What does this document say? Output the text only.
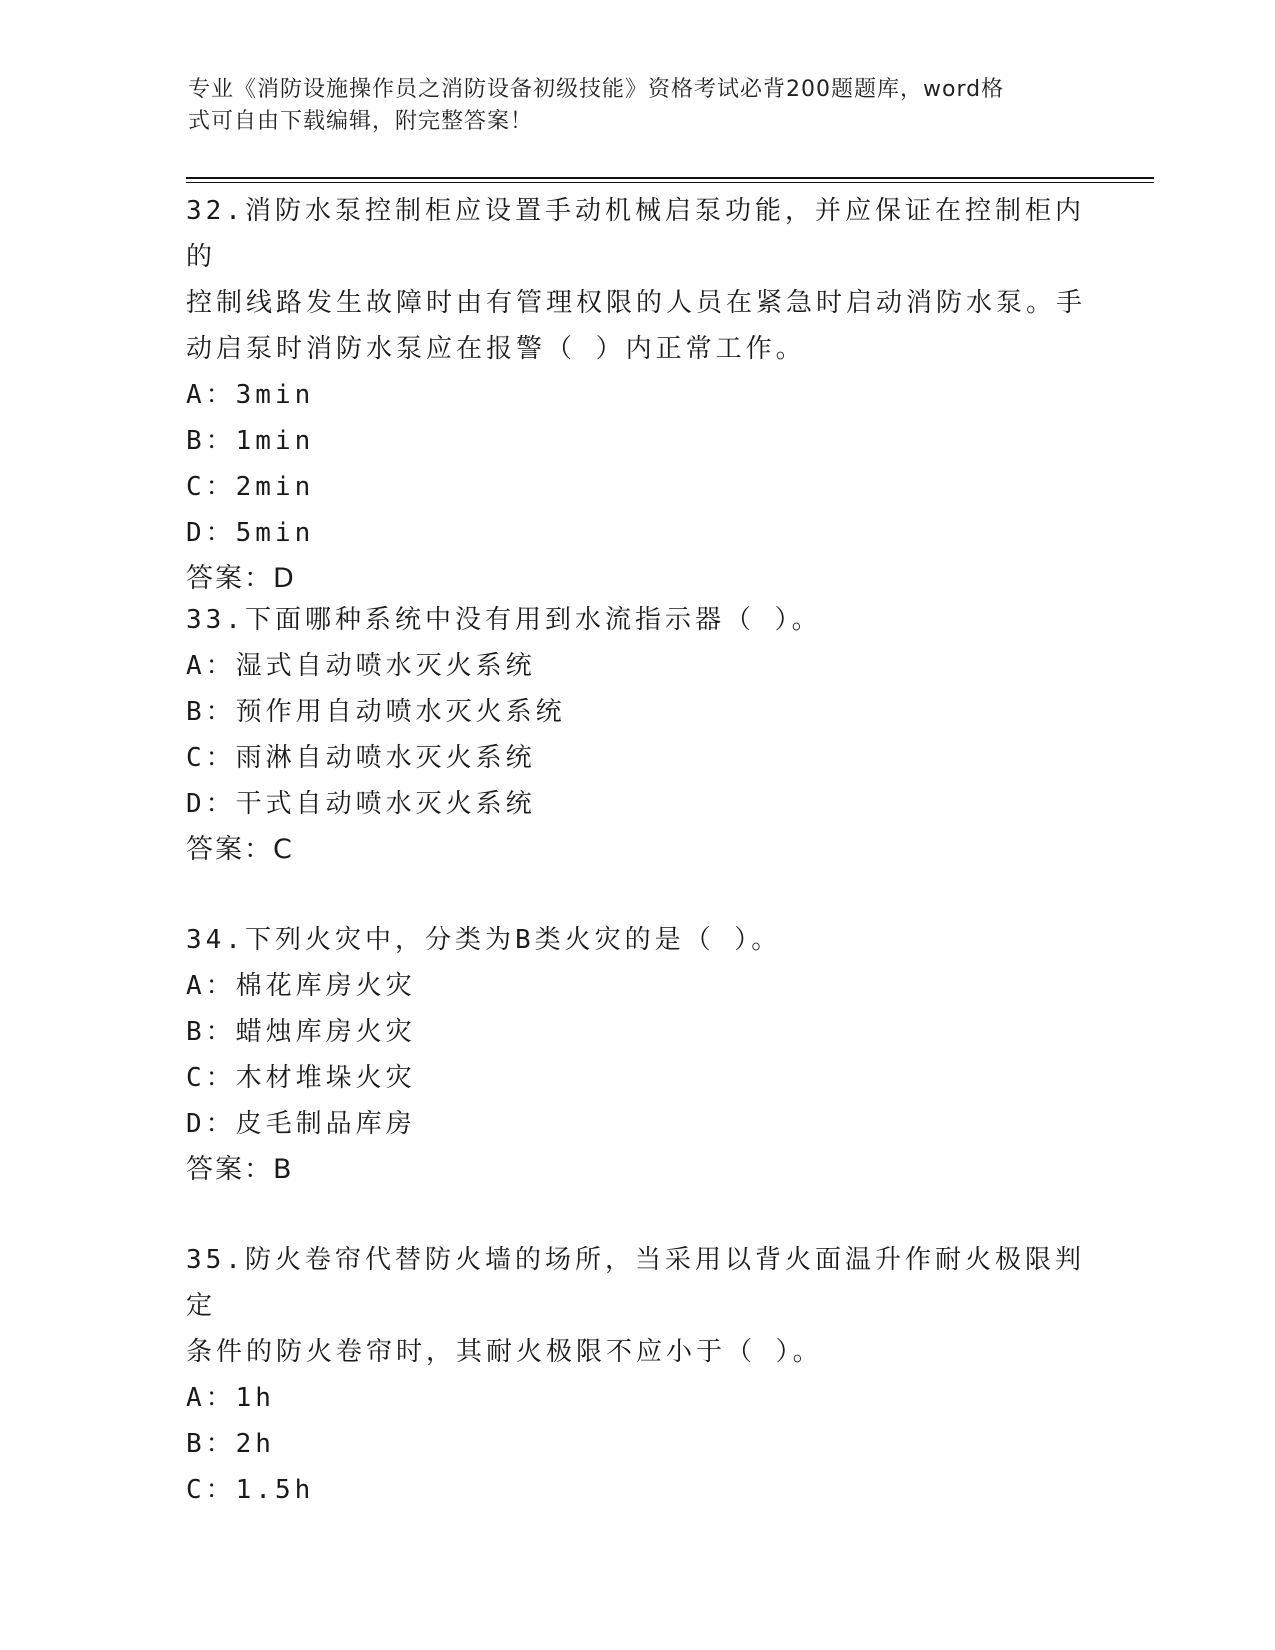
专业《消防设施操作员之消防设备初级技能》资格考试必背200题题库，word格
式可自由下载编辑，附完整答案！
32.消防水泵控制柜应设置手动机械启泵功能，并应保证在控制柜内的
控制线路发生故障时由有管理权限的人员在紧急时启动消防水泵。手
动启泵时消防水泵应在报警（ ）内正常工作。
A：3min
B：1min
C：2min
D：5min
答案：D
33.下面哪种系统中没有用到水流指示器（ ）。
A：湿式自动喷水灭火系统
B：预作用自动喷水灭火系统
C：雨淋自动喷水灭火系统
D：干式自动喷水灭火系统
答案：C
34.下列火灾中，分类为B类火灾的是（ ）。
A：棉花库房火灾
B：蜡烛库房火灾
C：木材堆垛火灾
D：皮毛制品库房
答案：B
35.防火卷帘代替防火墙的场所，当采用以背火面温升作耐火极限判定
条件的防火卷帘时，其耐火极限不应小于（ ）。
A：1h
B：2h
C：1.5h
